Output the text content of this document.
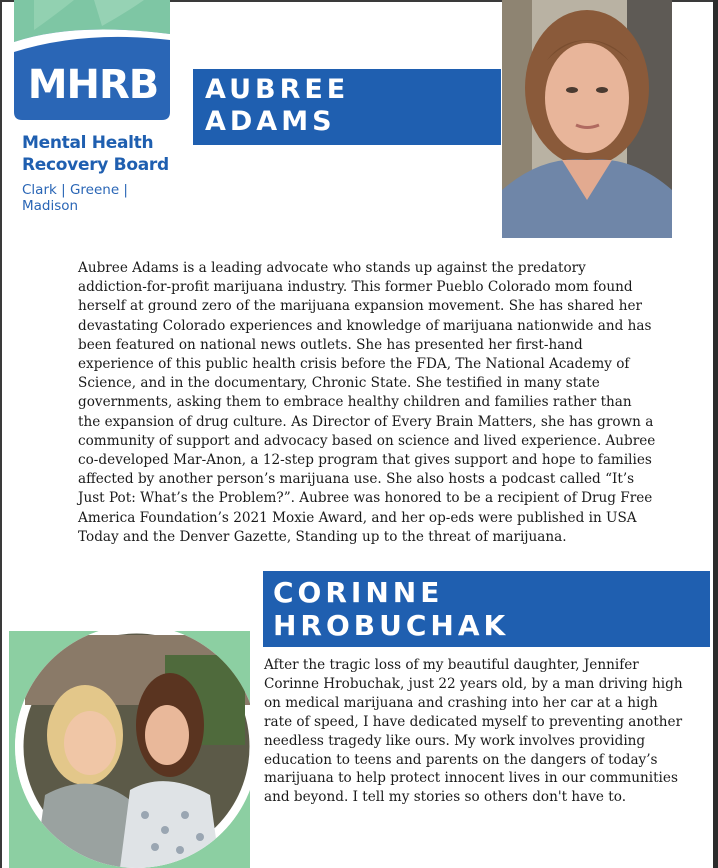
MHRB
Mental Health
Recovery Board
Clark | Greene | Madison
AUBREE
ADAMS

Aubree Adams is a leading advocate who stands up against the predatory addiction-for-profit marijuana industry. This former Pueblo Colorado mom found herself at ground zero of the marijuana expansion movement. She has shared her devastating Colorado experiences and knowledge of marijuana nationwide and has been featured on national news outlets. She has presented her first-hand experience of this public health crisis before the FDA, The National Academy of Science, and in the documentary, Chronic State. She testified in many state governments, asking them to embrace healthy children and families rather than the expansion of drug culture. As Director of Every Brain Matters, she has grown a community of support and advocacy based on science and lived experience. Aubree co-developed Mar-Anon, a 12-step program that gives support and hope to families affected by another person’s marijuana use. She also hosts a podcast called “It’s Just Pot: What’s the Problem?”. Aubree was honored to be a recipient of Drug Free America Foundation’s 2021 Moxie Award, and her op-eds were published in USA Today and the Denver Gazette, Standing up to the threat of marijuana.

CORINNE
HROBUCHAK

After the tragic loss of my beautiful daughter, Jennifer Corinne Hrobuchak, just 22 years old, by a man driving high on medical marijuana and crashing into her car at a high rate of speed, I have dedicated myself to preventing another needless tragedy like ours. My work involves providing education to teens and parents on the dangers of today’s marijuana to help protect innocent lives in our communities and beyond. I tell my stories so others don't have to.
